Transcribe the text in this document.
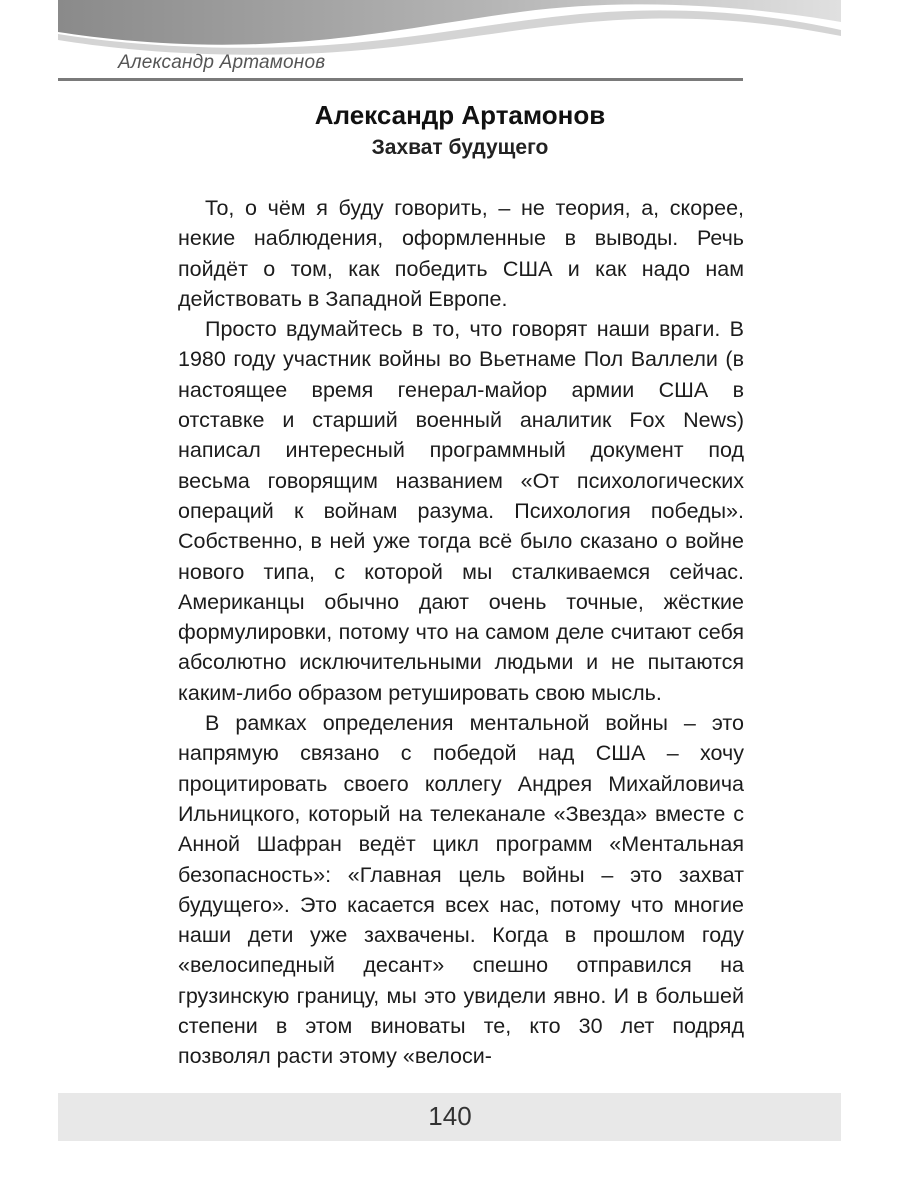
Александр Артамонов
Александр Артамонов
Захват будущего

То, о чём я буду говорить, – не теория, а, скорее, некие наблюдения, оформленные в выводы. Речь пойдёт о том, как победить США и как надо нам действовать в Западной Европе.

Просто вдумайтесь в то, что говорят наши враги. В 1980 году участник войны во Вьетнаме Пол Валлели (в настоящее время генерал-майор армии США в отставке и старший военный аналитик Fox News) написал интересный программный документ под весьма говорящим названием «От психологических операций к войнам разума. Психология победы». Собственно, в ней уже тогда всё было сказано о войне нового типа, с которой мы сталкиваемся сейчас. Американцы обычно дают очень точные, жёсткие формулировки, потому что на самом деле считают себя абсолютно исключительными людьми и не пытаются каким-либо образом ретушировать свою мысль.

В рамках определения ментальной войны – это напрямую связано с победой над США – хочу процитировать своего коллегу Андрея Михайловича Ильницкого, который на телеканале «Звезда» вместе с Анной Шафран ведёт цикл программ «Ментальная безопасность»: «Главная цель войны – это захват будущего». Это касается всех нас, потому что многие наши дети уже захвачены. Когда в прошлом году «велосипедный десант» спешно отправился на грузинскую границу, мы это увидели явно. И в большей степени в этом виноваты те, кто 30 лет подряд позволял расти этому «велоси-

140
